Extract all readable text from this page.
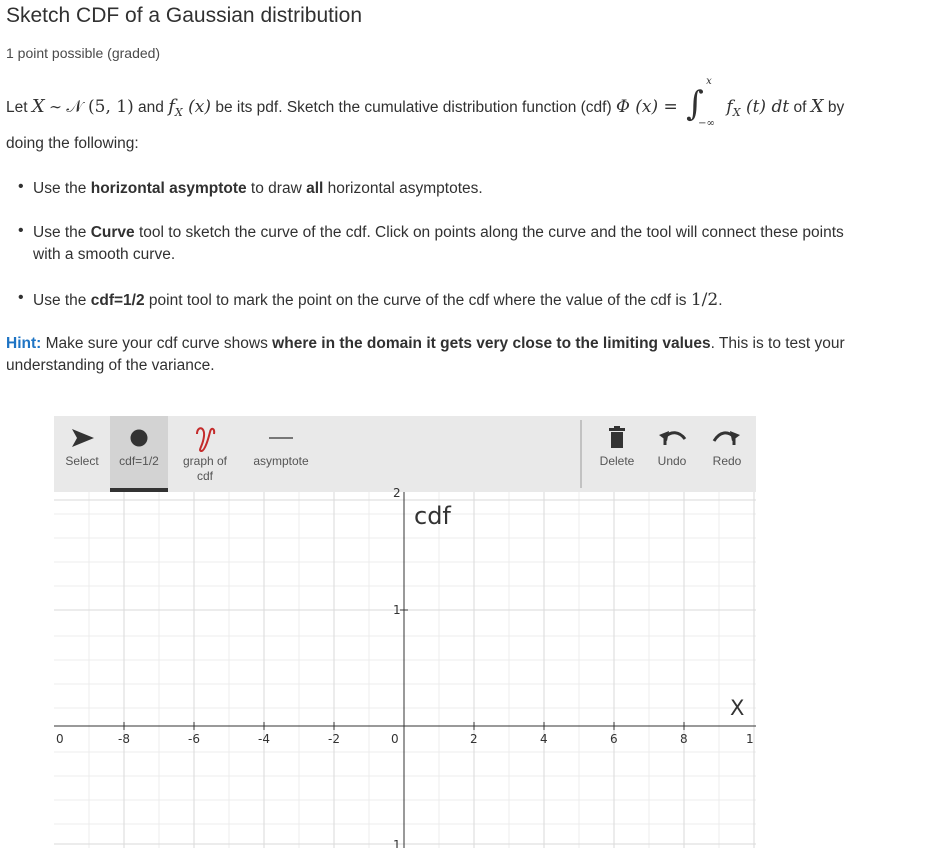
Sketch CDF of a Gaussian distribution
1 point possible (graded)
Let X ∼ 𝒩 (5, 1) and $f_X$ (x) be its pdf. Sketch the cumulative distribution function (cdf) Φ (x) = ∫
x
−∞
$f_X$ (t) dt of X by
doing the following:
• Use the horizontal asymptote to draw all horizontal asymptotes.
• Use the Curve tool to sketch the curve of the cdf. Click on points along the curve and the tool will connect these points
with a smooth curve.
• Use the cdf=1/2 point tool to mark the point on the curve of the cdf where the value of the cdf is 1/2.
Hint: Make sure your cdf curve shows where in the domain it gets very close to the limiting values. This is to test your understanding of the variance.
Select	cdf=1/2	graph of cdf
asymptote	Delete	Undo	Redo
cdf
X
0	-8	-6	-4	-2	0	2	4	6	8	1
2
1
1
